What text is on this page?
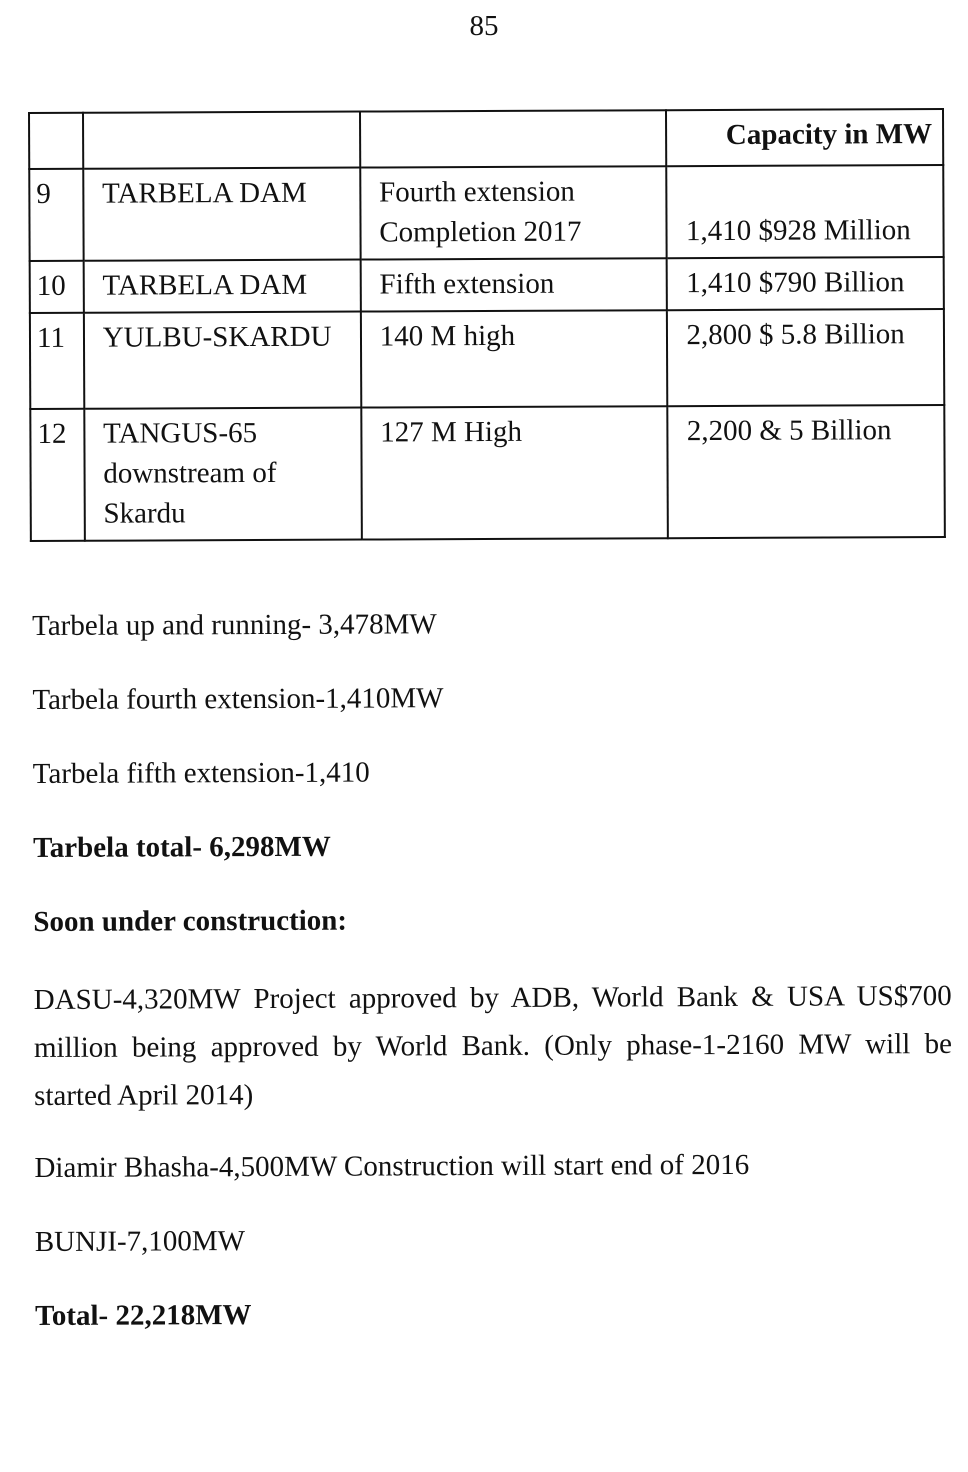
85
			Capacity in MW
9	TARBELA DAM	Fourth extension Completion 2017	1,410 $928 Million
10	TARBELA DAM	Fifth extension	1,410 $790 Billion
11	YULBU-SKARDU	140 M high	2,800 $ 5.8 Billion
12	TANGUS-65 downstream of Skardu	127 M High	2,200 & 5 Billion

Tarbela up and running- 3,478MW

Tarbela fourth extension-1,410MW

Tarbela fifth extension-1,410

Tarbela total- 6,298MW

Soon under construction:

DASU-4,320MW Project approved by ADB, World Bank & USA US$700 million being approved by World Bank. (Only phase-1-2160 MW will be started April 2014)

Diamir Bhasha-4,500MW Construction will start end of 2016

BUNJI-7,100MW

Total- 22,218MW
